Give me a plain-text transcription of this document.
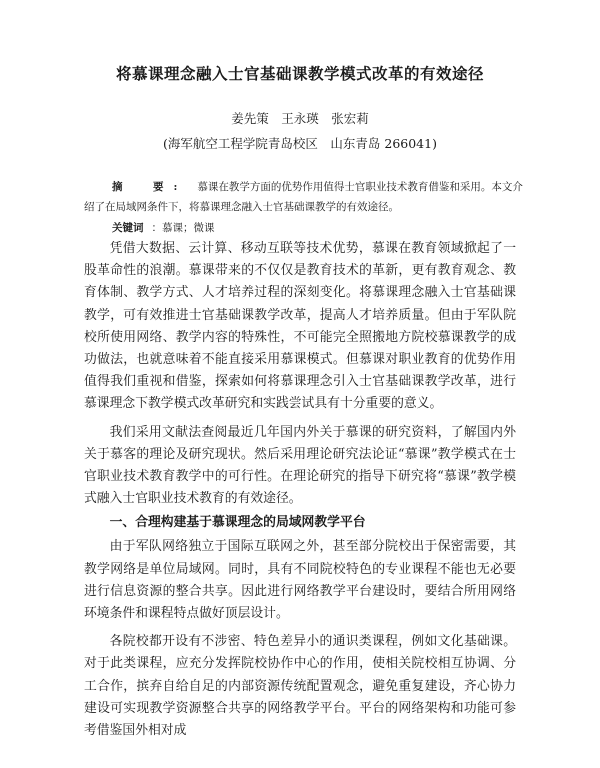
将慕课理念融入士官基础课教学模式改革的有效途径
姜先策　王永瑛　张宏莉
(海军航空工程学院青岛校区　山东青岛 266041)
摘　要: 慕课在教学方面的优势作用值得士官职业技术教育借鉴和采用。本文介绍了在局域网条件下，将慕课理念融入士官基础课教学的有效途径。
关键词 ：慕课；微课

凭借大数据、云计算、移动互联等技术优势，慕课在教育领域掀起了一股革命性的浪潮。慕课带来的不仅仅是教育技术的革新，更有教育观念、教育体制、教学方式、人才培养过程的深刻变化。将慕课理念融入士官基础课教学，可有效推进士官基础课教学改革，提高人才培养质量。但由于军队院校所使用网络、教学内容的特殊性，不可能完全照搬地方院校慕课教学的成功做法，也就意味着不能直接采用慕课模式。但慕课对职业教育的优势作用值得我们重视和借鉴，探索如何将慕课理念引入士官基础课教学改革，进行慕课理念下教学模式改革研究和实践尝试具有十分重要的意义。

我们采用文献法查阅最近几年国内外关于慕课的研究资料，了解国内外关于慕客的理论及研究现状。然后采用理论研究法论证“慕课”教学模式在士官职业技术教育教学中的可行性。在理论研究的指导下研究将“慕课”教学模式融入士官职业技术教育的有效途径。

一、合理构建基于慕课理念的局域网教学平台

由于军队网络独立于国际互联网之外，甚至部分院校出于保密需要，其教学网络是单位局域网。同时，具有不同院校特色的专业课程不能也无必要进行信息资源的整合共享。因此进行网络教学平台建设时，要结合所用网络环境条件和课程特点做好顶层设计。

各院校都开设有不涉密、特色差异小的通识类课程，例如文化基础课。对于此类课程，应充分发挥院校协作中心的作用，使相关院校相互协调、分工合作，摈弃自给自足的内部资源传统配置观念，避免重复建设，齐心协力建设可实现教学资源整合共享的网络教学平台。平台的网络架构和功能可参考借鉴国外相对成
